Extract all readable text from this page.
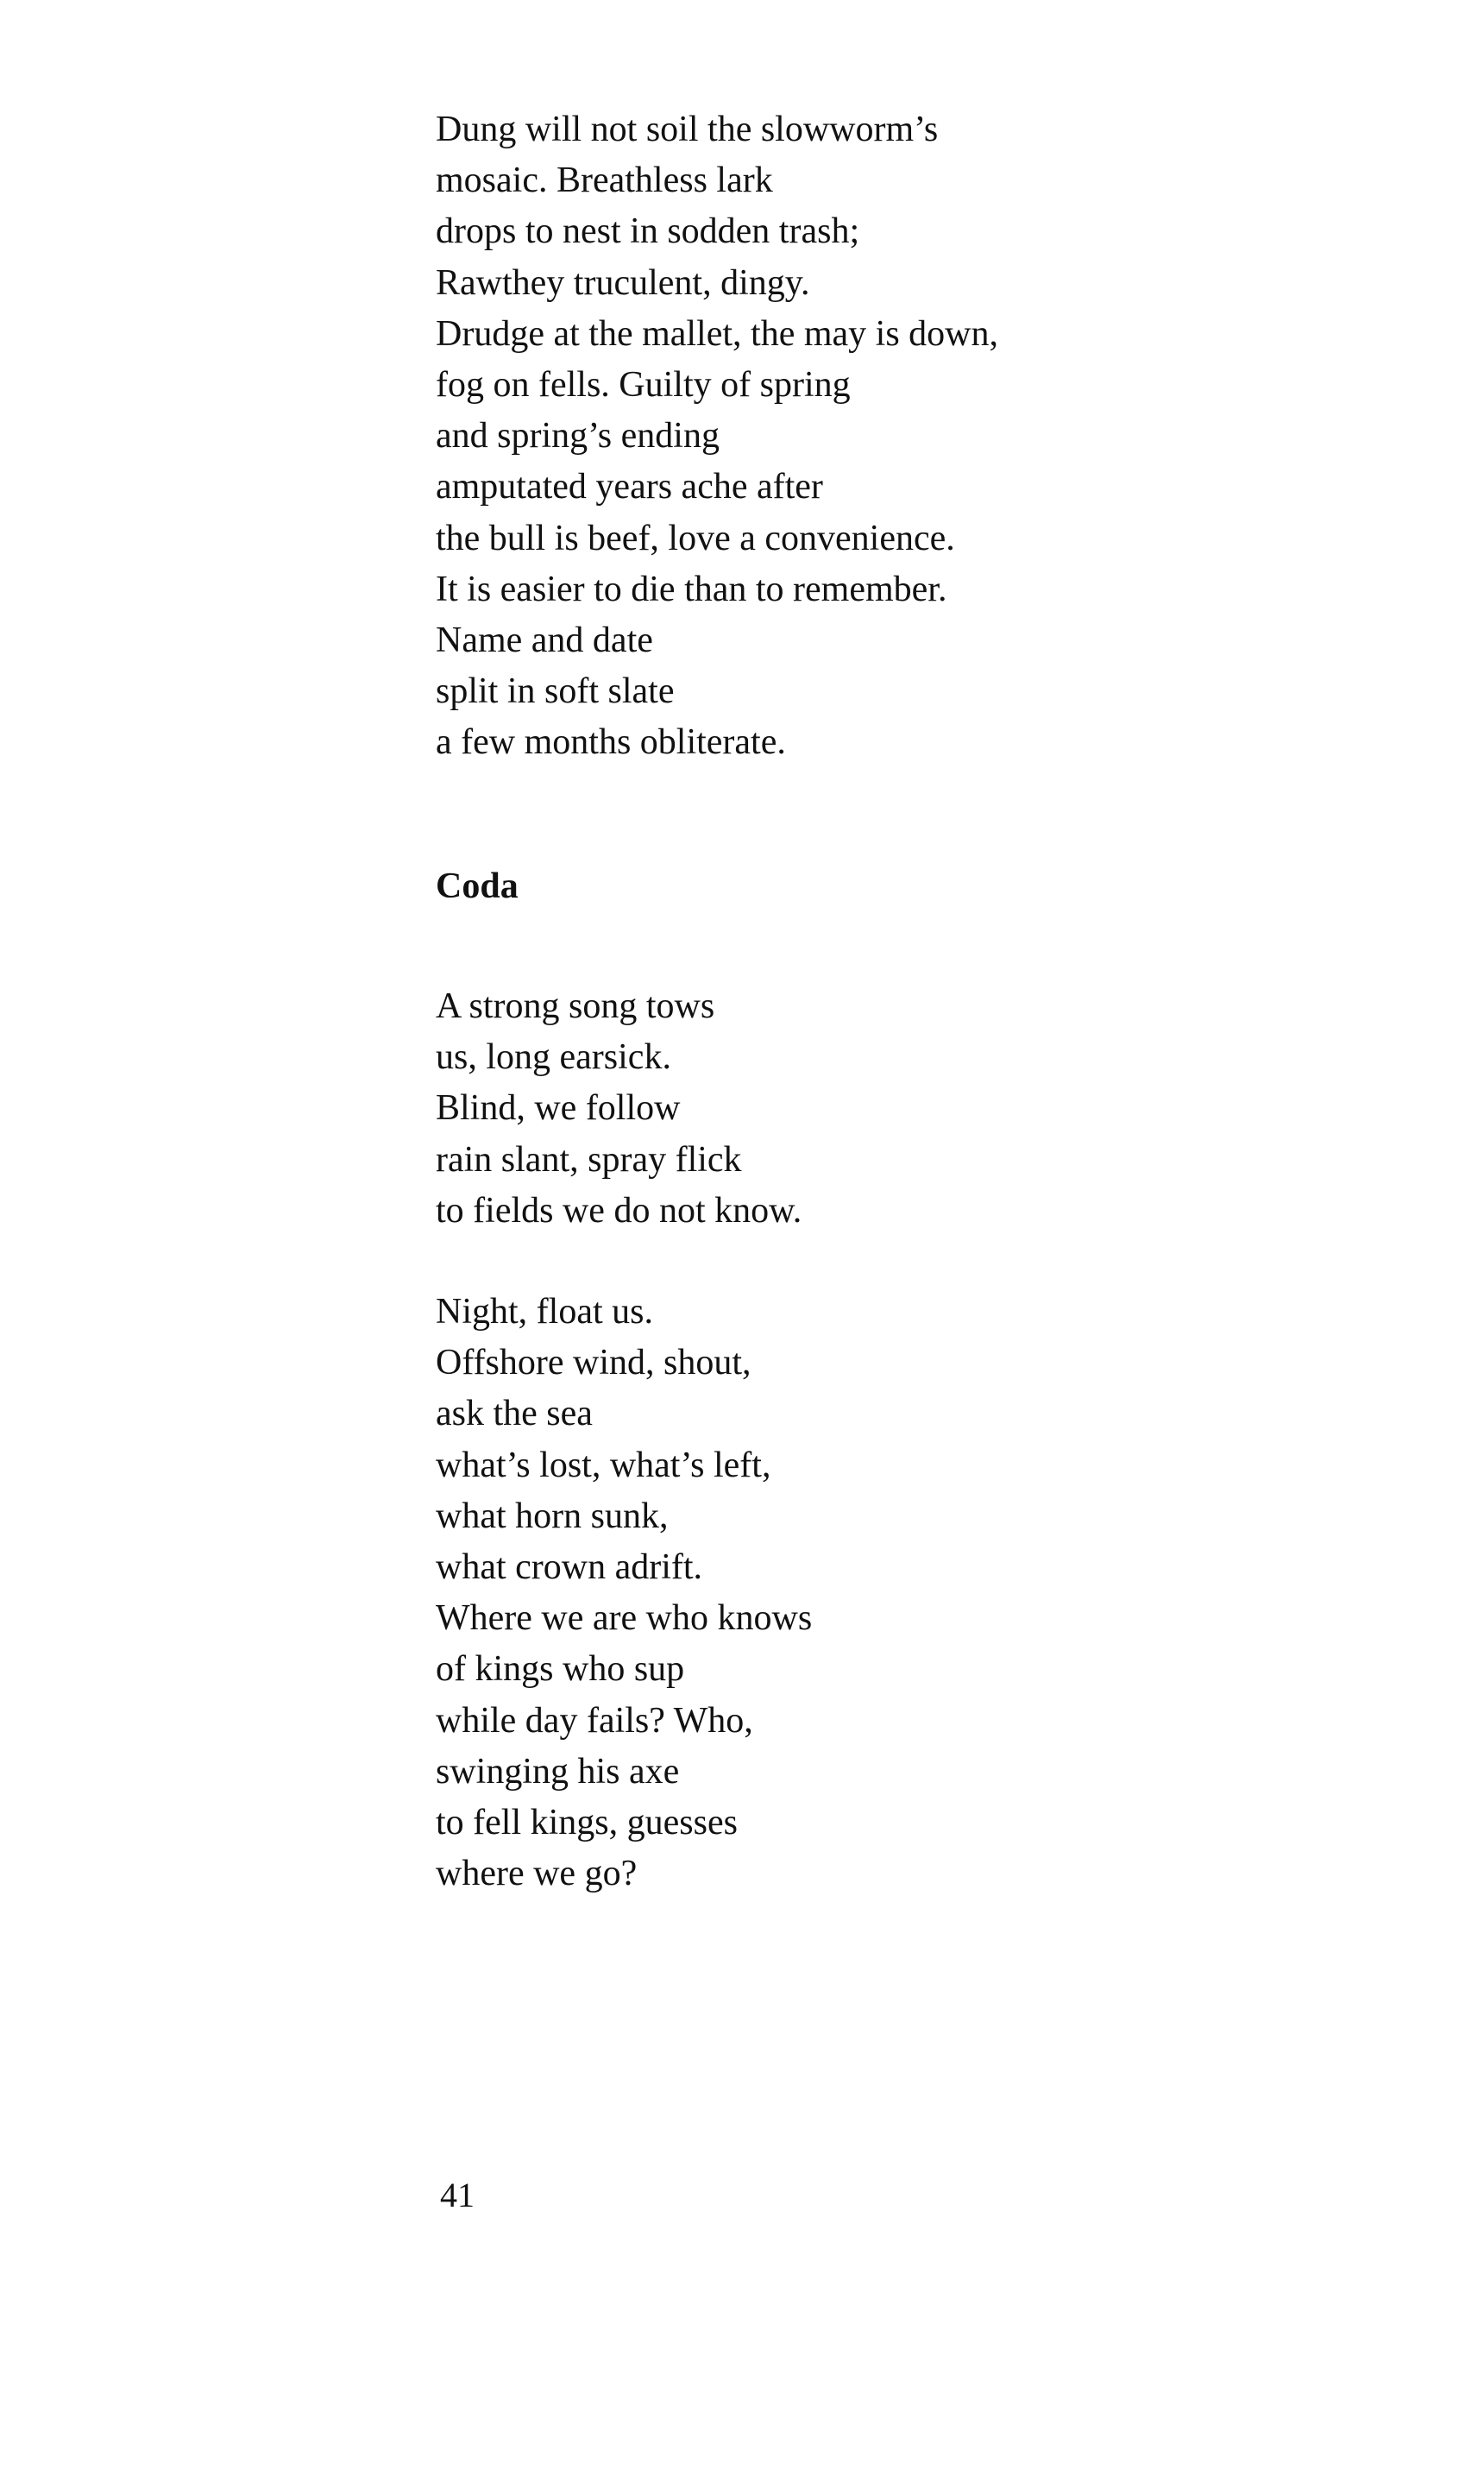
Dung will not soil the slowworm’s
mosaic. Breathless lark
drops to nest in sodden trash;
Rawthey truculent, dingy.
Drudge at the mallet, the may is down,
fog on fells. Guilty of spring
and spring’s ending
amputated years ache after
the bull is beef, love a convenience.
It is easier to die than to remember.
Name and date
split in soft slate
a few months obliterate.
Coda
A strong song tows
us, long earsick.
Blind, we follow
rain slant, spray flick
to fields we do not know.
Night, float us.
Offshore wind, shout,
ask the sea
what’s lost, what’s left,
what horn sunk,
what crown adrift.
Where we are who knows
of kings who sup
while day fails? Who,
swinging his axe
to fell kings, guesses
where we go?
41
